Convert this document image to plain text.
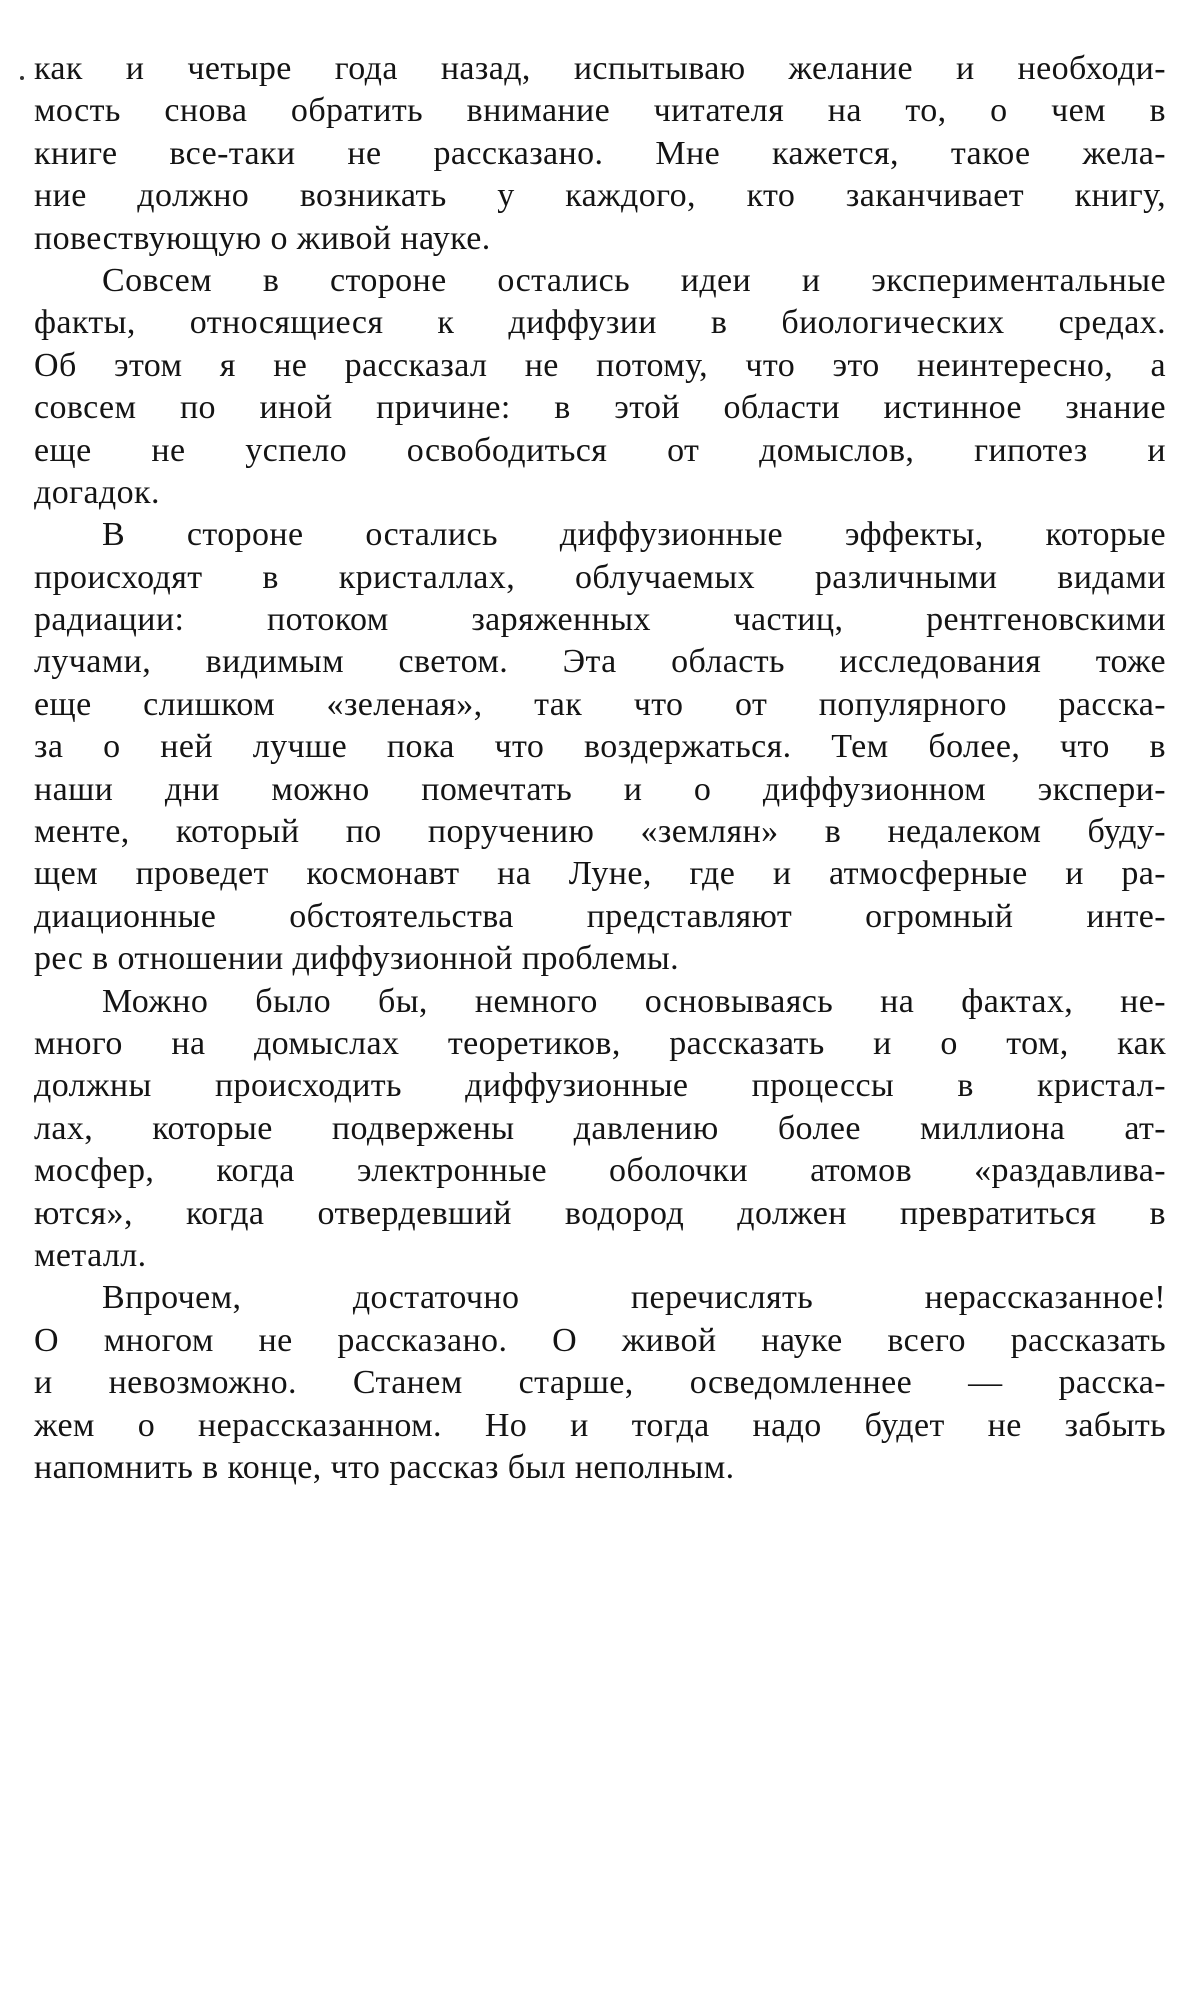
как и четыре года назад, испытываю желание и необходи-
мость снова обратить внимание читателя на то, о чем в
книге все-таки не рассказано. Мне кажется, такое жела-
ние должно возникать у каждого, кто заканчивает книгу,
повествующую о живой науке.
Совсем в стороне остались идеи и экспериментальные
факты, относящиеся к диффузии в биологических средах.
Об этом я не рассказал не потому, что это неинтересно, а
совсем по иной причине: в этой области истинное знание
еще не успело освободиться от домыслов, гипотез и
догадок.
В стороне остались диффузионные эффекты, которые
происходят в кристаллах, облучаемых различными видами
радиации: потоком заряженных частиц, рентгеновскими
лучами, видимым светом. Эта область исследования тоже
еще слишком «зеленая», так что от популярного расска-
за о ней лучше пока что воздержаться. Тем более, что в
наши дни можно помечтать и о диффузионном экспери-
менте, который по поручению «землян» в недалеком буду-
щем проведет космонавт на Луне, где и атмосферные и ра-
диационные обстоятельства представляют огромный инте-
рес в отношении диффузионной проблемы.
Можно было бы, немного основываясь на фактах, не-
много на домыслах теоретиков, рассказать и о том, как
должны происходить диффузионные процессы в кристал-
лах, которые подвержены давлению более миллиона ат-
мосфер, когда электронные оболочки атомов «раздавлива-
ются», когда отвердевший водород должен превратиться в
металл.
Впрочем, достаточно перечислять нерассказанное!
О многом не рассказано. О живой науке всего рассказать
и невозможно. Станем старше, осведомленнее — расска-
жем о нерассказанном. Но и тогда надо будет не забыть
напомнить в конце, что рассказ был неполным.
